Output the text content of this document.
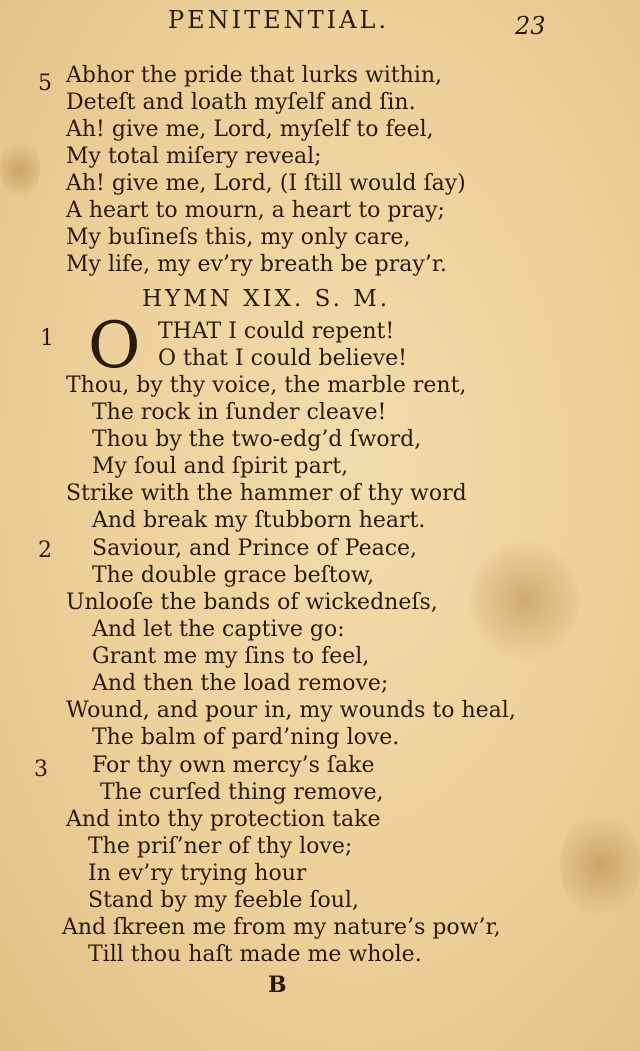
PENITENTIAL.	23
5
1
2
3
Abhor the pride that lurks within,
Deteſt and loath myſelf and ſin.
Ah! give me, Lord, myſelf to feel,
My total miſery reveal;
Ah! give me, Lord, (I ſtill would ſay)
A heart to mourn, a heart to pray;
My buſineſs this, my only care,
My life, my ev’ry breath be pray’r.
HYMN XIX. S. M.
O THAT I could repent!
O that I could believe!
Thou, by thy voice, the marble rent,
The rock in ſunder cleave!
Thou by the two-edg’d ſword,
My ſoul and ſpirit part,
Strike with the hammer of thy word
And break my ſtubborn heart.
Saviour, and Prince of Peace,
The double grace beſtow,
Unlooſe the bands of wickedneſs,
And let the captive go:
Grant me my ſins to feel,
And then the load remove;
Wound, and pour in, my wounds to heal,
The balm of pard’ning love.
For thy own mercy’s ſake
The curſed thing remove,
And into thy protection take
The priſ’ner of thy love;
In ev’ry trying hour
Stand by my feeble ſoul,
And ſkreen me from my nature’s pow’r,
Till thou haſt made me whole.
B
